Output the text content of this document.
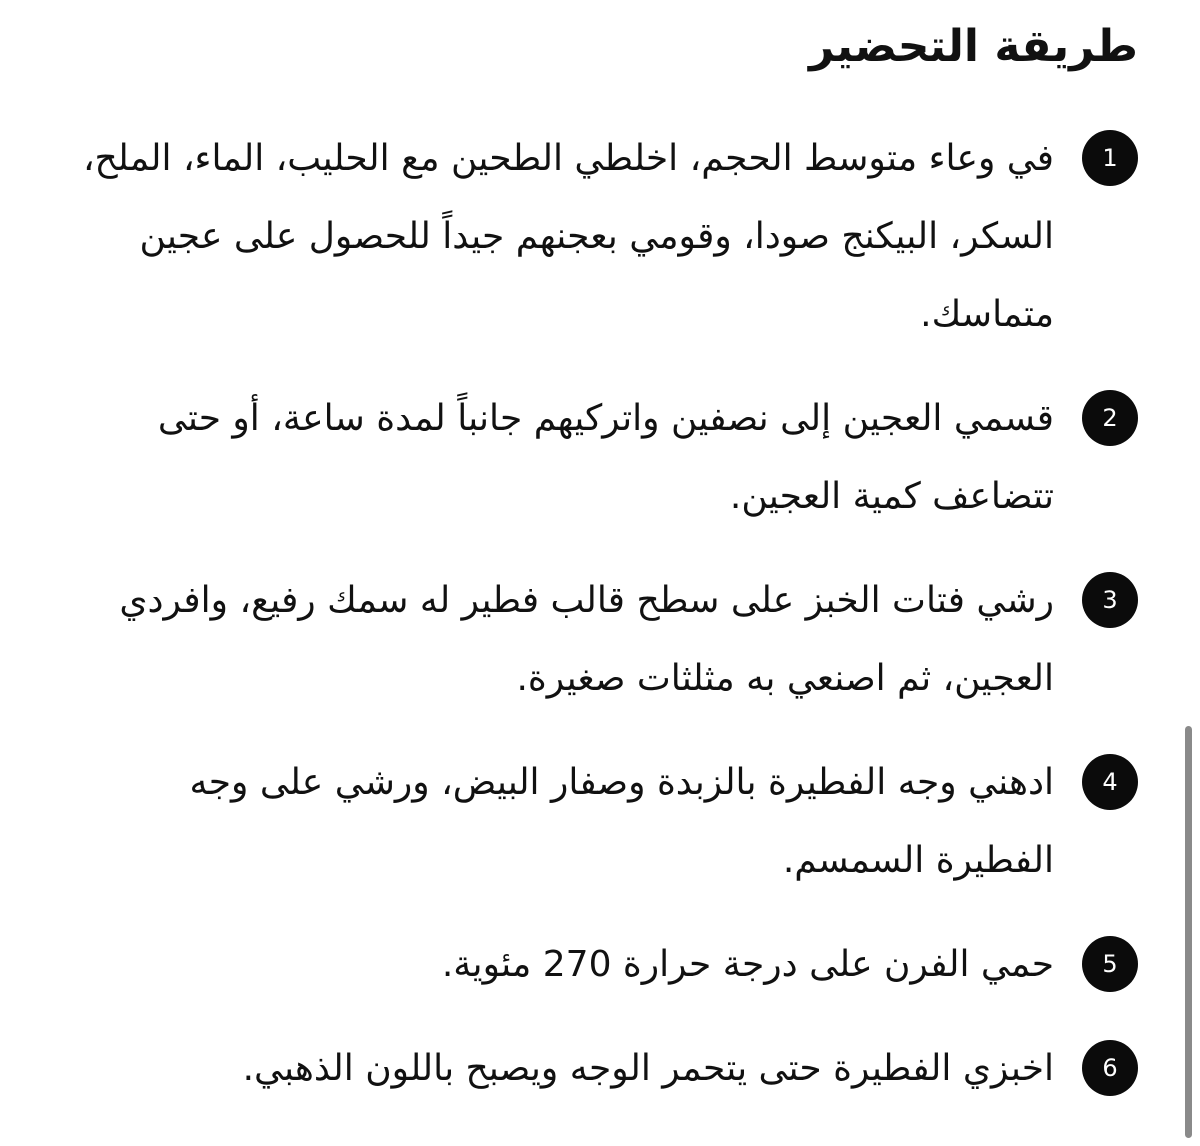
طريقة التحضير
1
في وعاء متوسط الحجم، اخلطي الطحين مع الحليب، الماء، الملح، السكر، البيكنج صودا، وقومي بعجنهم جيداً للحصول على عجين متماسك.
2
قسمي العجين إلى نصفين واتركيهم جانباً لمدة ساعة، أو حتى تتضاعف كمية العجين.
3
رشي فتات الخبز على سطح قالب فطير له سمك رفيع، وافردي العجين، ثم اصنعي به مثلثات صغيرة.
4
ادهني وجه الفطيرة بالزبدة وصفار البيض، ورشي على وجه الفطيرة السمسم.
5
حمي الفرن على درجة حرارة 270 مئوية.
6
اخبزي الفطيرة حتى يتحمر الوجه ويصبح باللون الذهبي.
